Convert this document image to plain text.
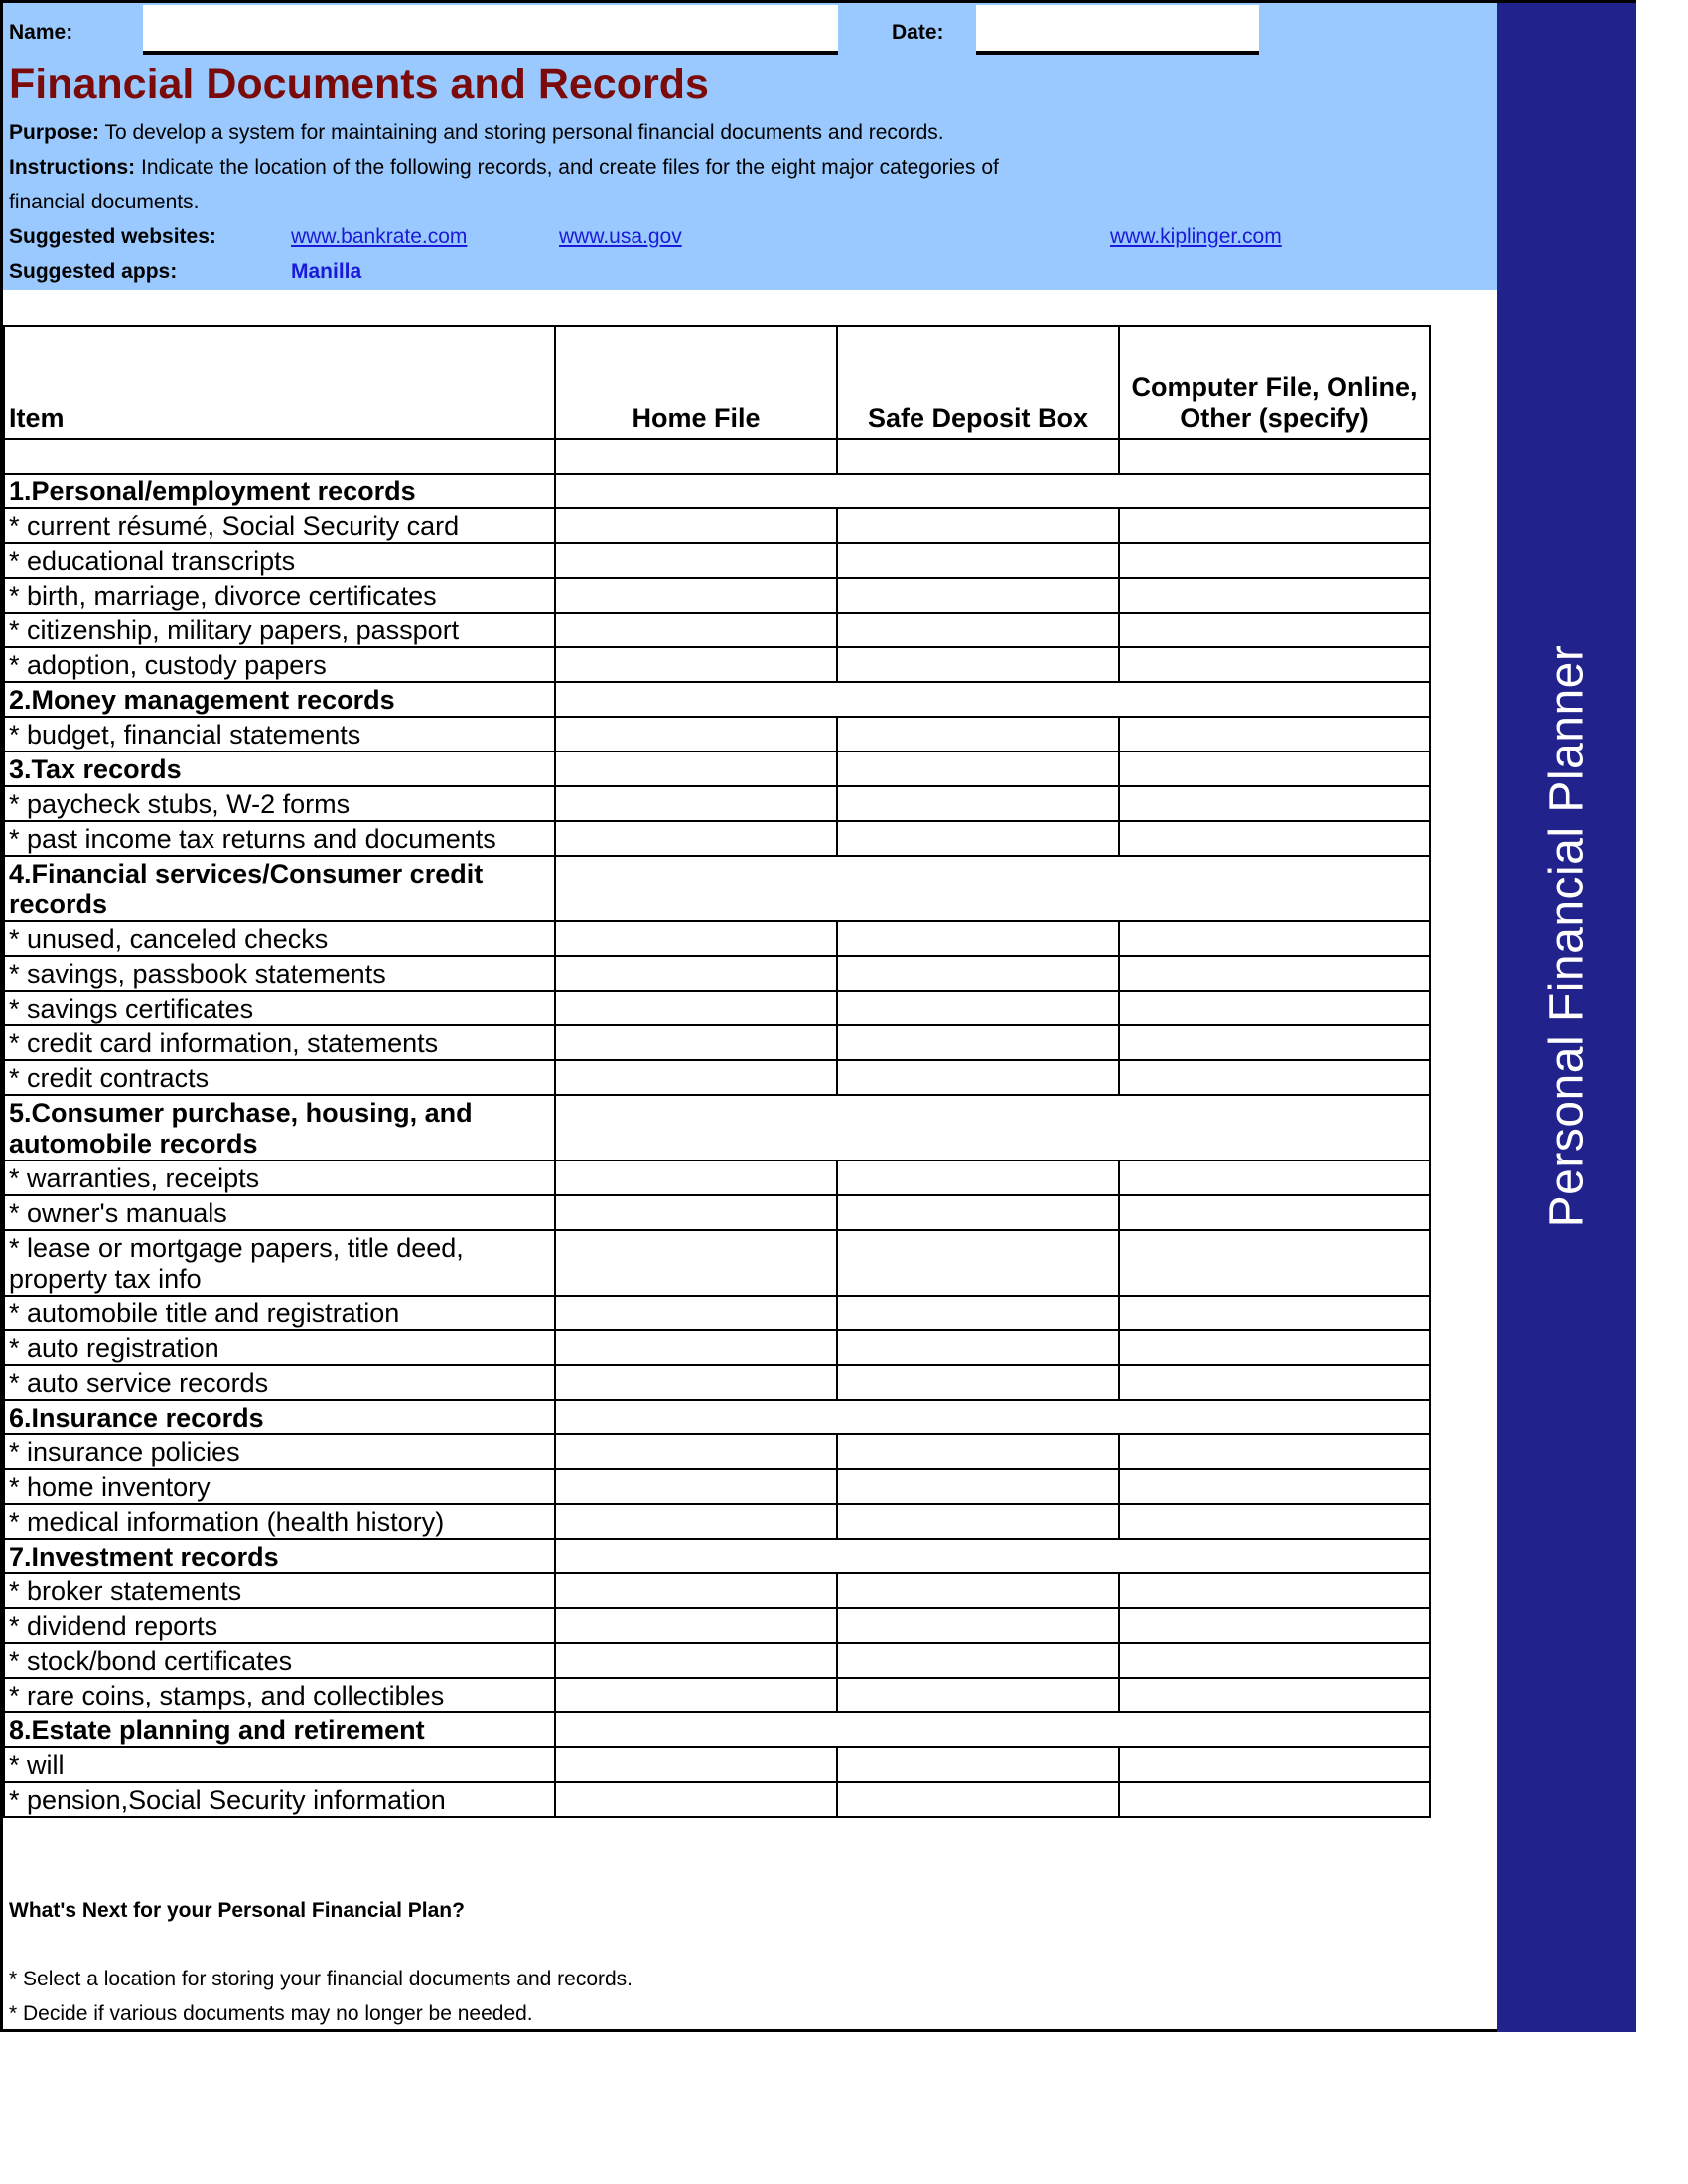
Name:	Date:
Financial Documents and Records
Purpose: To develop a system for maintaining and storing personal financial documents and records.
Instructions: Indicate the location of the following records, and create files for the eight major categories of
financial documents.
Suggested websites:	www.bankrate.com	www.usa.gov	www.kiplinger.com
Suggested apps:	Manilla
Item	Home File	Safe Deposit Box	Computer File, Online, Other (specify)

1.Personal/employment records			
* current résumé, Social Security card			
* educational transcripts			
* birth, marriage, divorce certificates			
* citizenship, military papers, passport			
* adoption, custody papers			
2.Money management records			
* budget, financial statements			
3.Tax records			
* paycheck stubs, W-2 forms			
* past income tax returns and documents			
4.Financial services/Consumer credit records			
* unused, canceled checks			
* savings, passbook statements			
* savings certificates			
* credit card information, statements			
* credit contracts			
5.Consumer purchase, housing, and automobile records			
* warranties, receipts			
* owner's manuals			
* lease or mortgage papers, title deed, property tax info			
* automobile title and registration			
* auto registration			
* auto service records			
6.Insurance records			
* insurance policies			
* home inventory			
* medical information (health history)			
7.Investment records			
* broker statements			
* dividend reports			
* stock/bond certificates			
* rare coins, stamps, and collectibles			
8.Estate planning and retirement			
* will			
* pension,Social Security information			
What's Next for your Personal Financial Plan?
* Select a location for storing your financial documents and records.
* Decide if various documents may no longer be needed.
Personal Financial Planner
